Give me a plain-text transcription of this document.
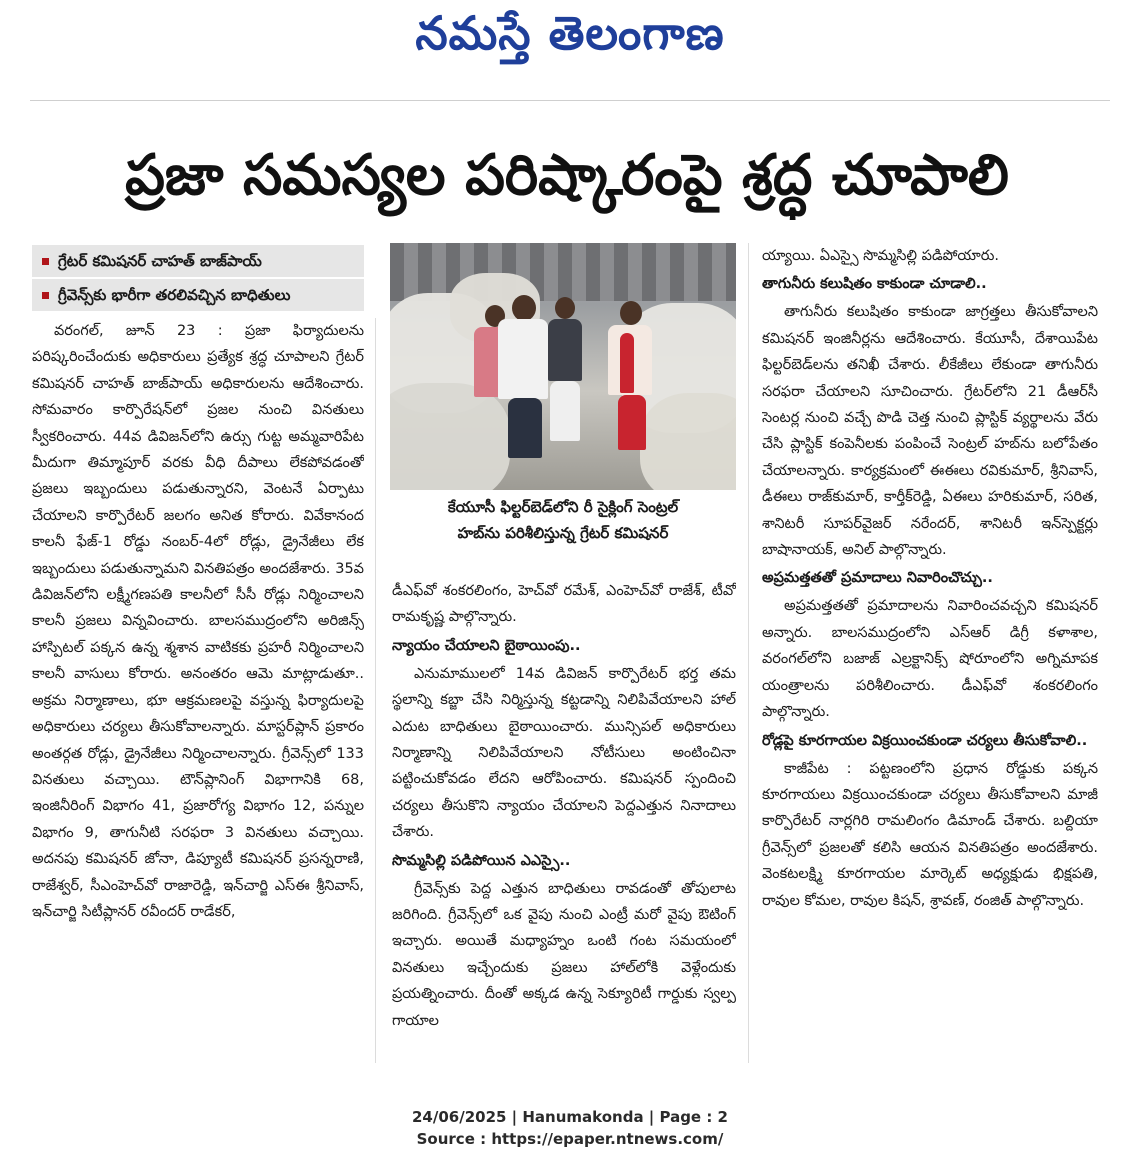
నమస్తే తెలంగాణ
ప్రజా సమస్యల పరిష్కారంపై శ్రద్ధ చూపాలి
గ్రేటర్ కమిషనర్ చాహత్ బాజ్‌పాయ్
గ్రీవెన్స్‌కు భారీగా తరలివచ్చిన బాధితులు

వరంగల్, జూన్ 23 : ప్రజా ఫిర్యాదులను పరిష్కరించేందుకు అధికారులు ప్రత్యేక శ్రద్ధ చూపాలని గ్రేటర్ కమిషనర్ చాహత్ బాజ్‌పాయ్ అధికారులను ఆదేశించారు. సోమవారం కార్పొరేషన్‌లో ప్రజల నుంచి వినతులు స్వీకరించారు. 44వ డివిజన్‌లోని ఉర్సు గుట్ట అమ్మవారిపేట మీదుగా తిమ్మాపూర్ వరకు వీధి దీపాలు లేకపోవడంతో ప్రజలు ఇబ్బందులు పడుతున్నారని, వెంటనే ఏర్పాటు చేయాలని కార్పొరేటర్ జలగం అనిత కోరారు. వివేకానంద కాలనీ ఫేజ్-1 రోడ్డు నంబర్-4లో రోడ్లు, డ్రైనేజీలు లేక ఇబ్బందులు పడుతున్నామని వినతిపత్రం అందజేశారు. 35వ డివిజన్‌లోని లక్ష్మీగణపతి కాలనీలో సీసీ రోడ్లు నిర్మించాలని కాలనీ ప్రజలు విన్నవించారు. బాలసముద్రంలోని అరిజిన్స్ హాస్పిటల్ పక్కన ఉన్న శ్మశాన వాటికకు ప్రహరీ నిర్మించాలని కాలనీ వాసులు కోరారు. అనంతరం ఆమె మాట్లాడుతూ.. అక్రమ నిర్మాణాలు, భూ ఆక్రమణలపై వస్తున్న ఫిర్యాదులపై అధికారులు చర్యలు తీసుకోవాలన్నారు. మాస్టర్‌ప్లాన్ ప్రకారం అంతర్గత రోడ్లు, డ్రైనేజీలు నిర్మించాలన్నారు. గ్రీవెన్స్‌లో 133 వినతులు వచ్చాయి. టౌన్‌ప్లానింగ్ విభాగానికి 68, ఇంజినీరింగ్ విభాగం 41, ప్రజారోగ్య విభాగం 12, పన్నుల విభాగం 9, తాగునీటి సరఫరా 3 వినతులు వచ్చాయి. అదనపు కమిషనర్ జోనా, డిప్యూటీ కమిషనర్ ప్రసన్నరాణి, రాజేశ్వర్, సీఎంహెచ్‌వో రాజారెడ్డి, ఇన్‌చార్జి ఎస్‌ఈ శ్రీనివాస్, ఇన్‌చార్జి సిటీప్లానర్ రవీందర్ రాడేకర్,

కేయూసీ ఫిల్టర్‌బెడ్‌లోని రీ సైక్లింగ్ సెంట్రల్
హబ్‌ను పరిశీలిస్తున్న గ్రేటర్ కమిషనర్

డీఎఫ్‌వో శంకరలింగం, హెచ్‌వో రమేశ్, ఎంహెచ్‌వో రాజేశ్, టీవో రామకృష్ణ పాల్గొన్నారు.

న్యాయం చేయాలని బైఠాయింపు..

ఎనుమాములలో 14వ డివిజన్ కార్పొరేటర్ భర్త తమ స్థలాన్ని కబ్జా చేసి నిర్మిస్తున్న కట్టడాన్ని నిలిపివేయాలని హాల్ ఎదుట బాధితులు బైఠాయించారు. మున్సిపల్ అధికారులు నిర్మాణాన్ని నిలిపివేయాలని నోటీసులు అంటించినా పట్టించుకోవడం లేదని ఆరోపించారు. కమిషనర్ స్పందించి చర్యలు తీసుకొని న్యాయం చేయాలని పెద్దఎత్తున నినాదాలు చేశారు.

సొమ్మసిల్లి పడిపోయిన ఎఎస్సై..

గ్రీవెన్స్‌కు పెద్ద ఎత్తున బాధితులు రావడంతో తోపులాట జరిగింది. గ్రీవెన్స్‌లో ఒక వైపు నుంచి ఎంట్రీ మరో వైపు ఔటింగ్ ఇచ్చారు. అయితే మధ్యాహ్నం ఒంటి గంట సమయంలో వినతులు ఇచ్చేందుకు ప్రజలు హాల్‌లోకి వెళ్లేందుకు ప్రయత్నించారు. దీంతో అక్కడ ఉన్న సెక్యూరిటీ గార్డుకు స్వల్ప గాయాల

య్యాయి. ఏఎస్సై సొమ్మసిల్లి పడిపోయారు.

తాగునీరు కలుషితం కాకుండా చూడాలి..

తాగునీరు కలుషితం కాకుండా జాగ్రత్తలు తీసుకోవాలని కమిషనర్ ఇంజినీర్లను ఆదేశించారు. కేయూసీ, దేశాయిపేట ఫిల్టర్‌బెడ్‌లను తనిఖీ చేశారు. లీకేజీలు లేకుండా తాగునీరు సరఫరా చేయాలని సూచించారు. గ్రేటర్‌లోని 21 డీఆర్‌సీ సెంటర్ల నుంచి వచ్చే పొడి చెత్త నుంచి ప్లాస్టిక్ వ్యర్థాలను వేరు చేసి ప్లాస్టిక్ కంపెనీలకు పంపించే సెంట్రల్ హబ్‌ను బలోపేతం చేయాలన్నారు. కార్యక్రమంలో ఈఈలు రవికుమార్, శ్రీనివాస్, డీఈలు రాజ్‌కుమార్, కార్తీక్‌రెడ్డి, ఏఈలు హరికుమార్, సరిత, శానిటరీ సూపర్‌వైజర్ నరేందర్, శానిటరీ ఇన్‌స్పెక్టర్లు బాషానాయక్, అనిల్ పాల్గొన్నారు.

అప్రమత్తతతో ప్రమాదాలు నివారించొచ్చు..

అప్రమత్తతతో ప్రమాదాలను నివారించవచ్చని కమిషనర్ అన్నారు. బాలసముద్రంలోని ఎస్‌ఆర్ డిగ్రీ కళాశాల, వరంగల్‌లోని బజాజ్ ఎల్రక్టానిక్స్ షోరూంలోని అగ్నిమాపక యంత్రాలను పరిశీలించారు. డీఎఫ్‌వో శంకరలింగం పాల్గొన్నారు.

రోడ్లపై కూరగాయల విక్రయించకుండా చర్యలు తీసుకోవాలి..

కాజీపేట : పట్టణంలోని ప్రధాన రోడ్డుకు పక్కన కూరగాయలు విక్రయించకుండా చర్యలు తీసుకోవాలని మాజీ కార్పొరేటర్ నార్లగిరి రామలింగం డిమాండ్ చేశారు. బల్దియా గ్రీవెన్స్‌లో ప్రజలతో కలిసి ఆయన వినతిపత్రం అందజేశారు. వెంకటలక్ష్మి కూరగాయల మార్కెట్ అధ్యక్షుడు భిక్షపతి, రావుల కోమల, రావుల కిషన్, శ్రావణ్, రంజిత్ పాల్గొన్నారు.

24/06/2025 | Hanumakonda | Page : 2
Source : https://epaper.ntnews.com/
